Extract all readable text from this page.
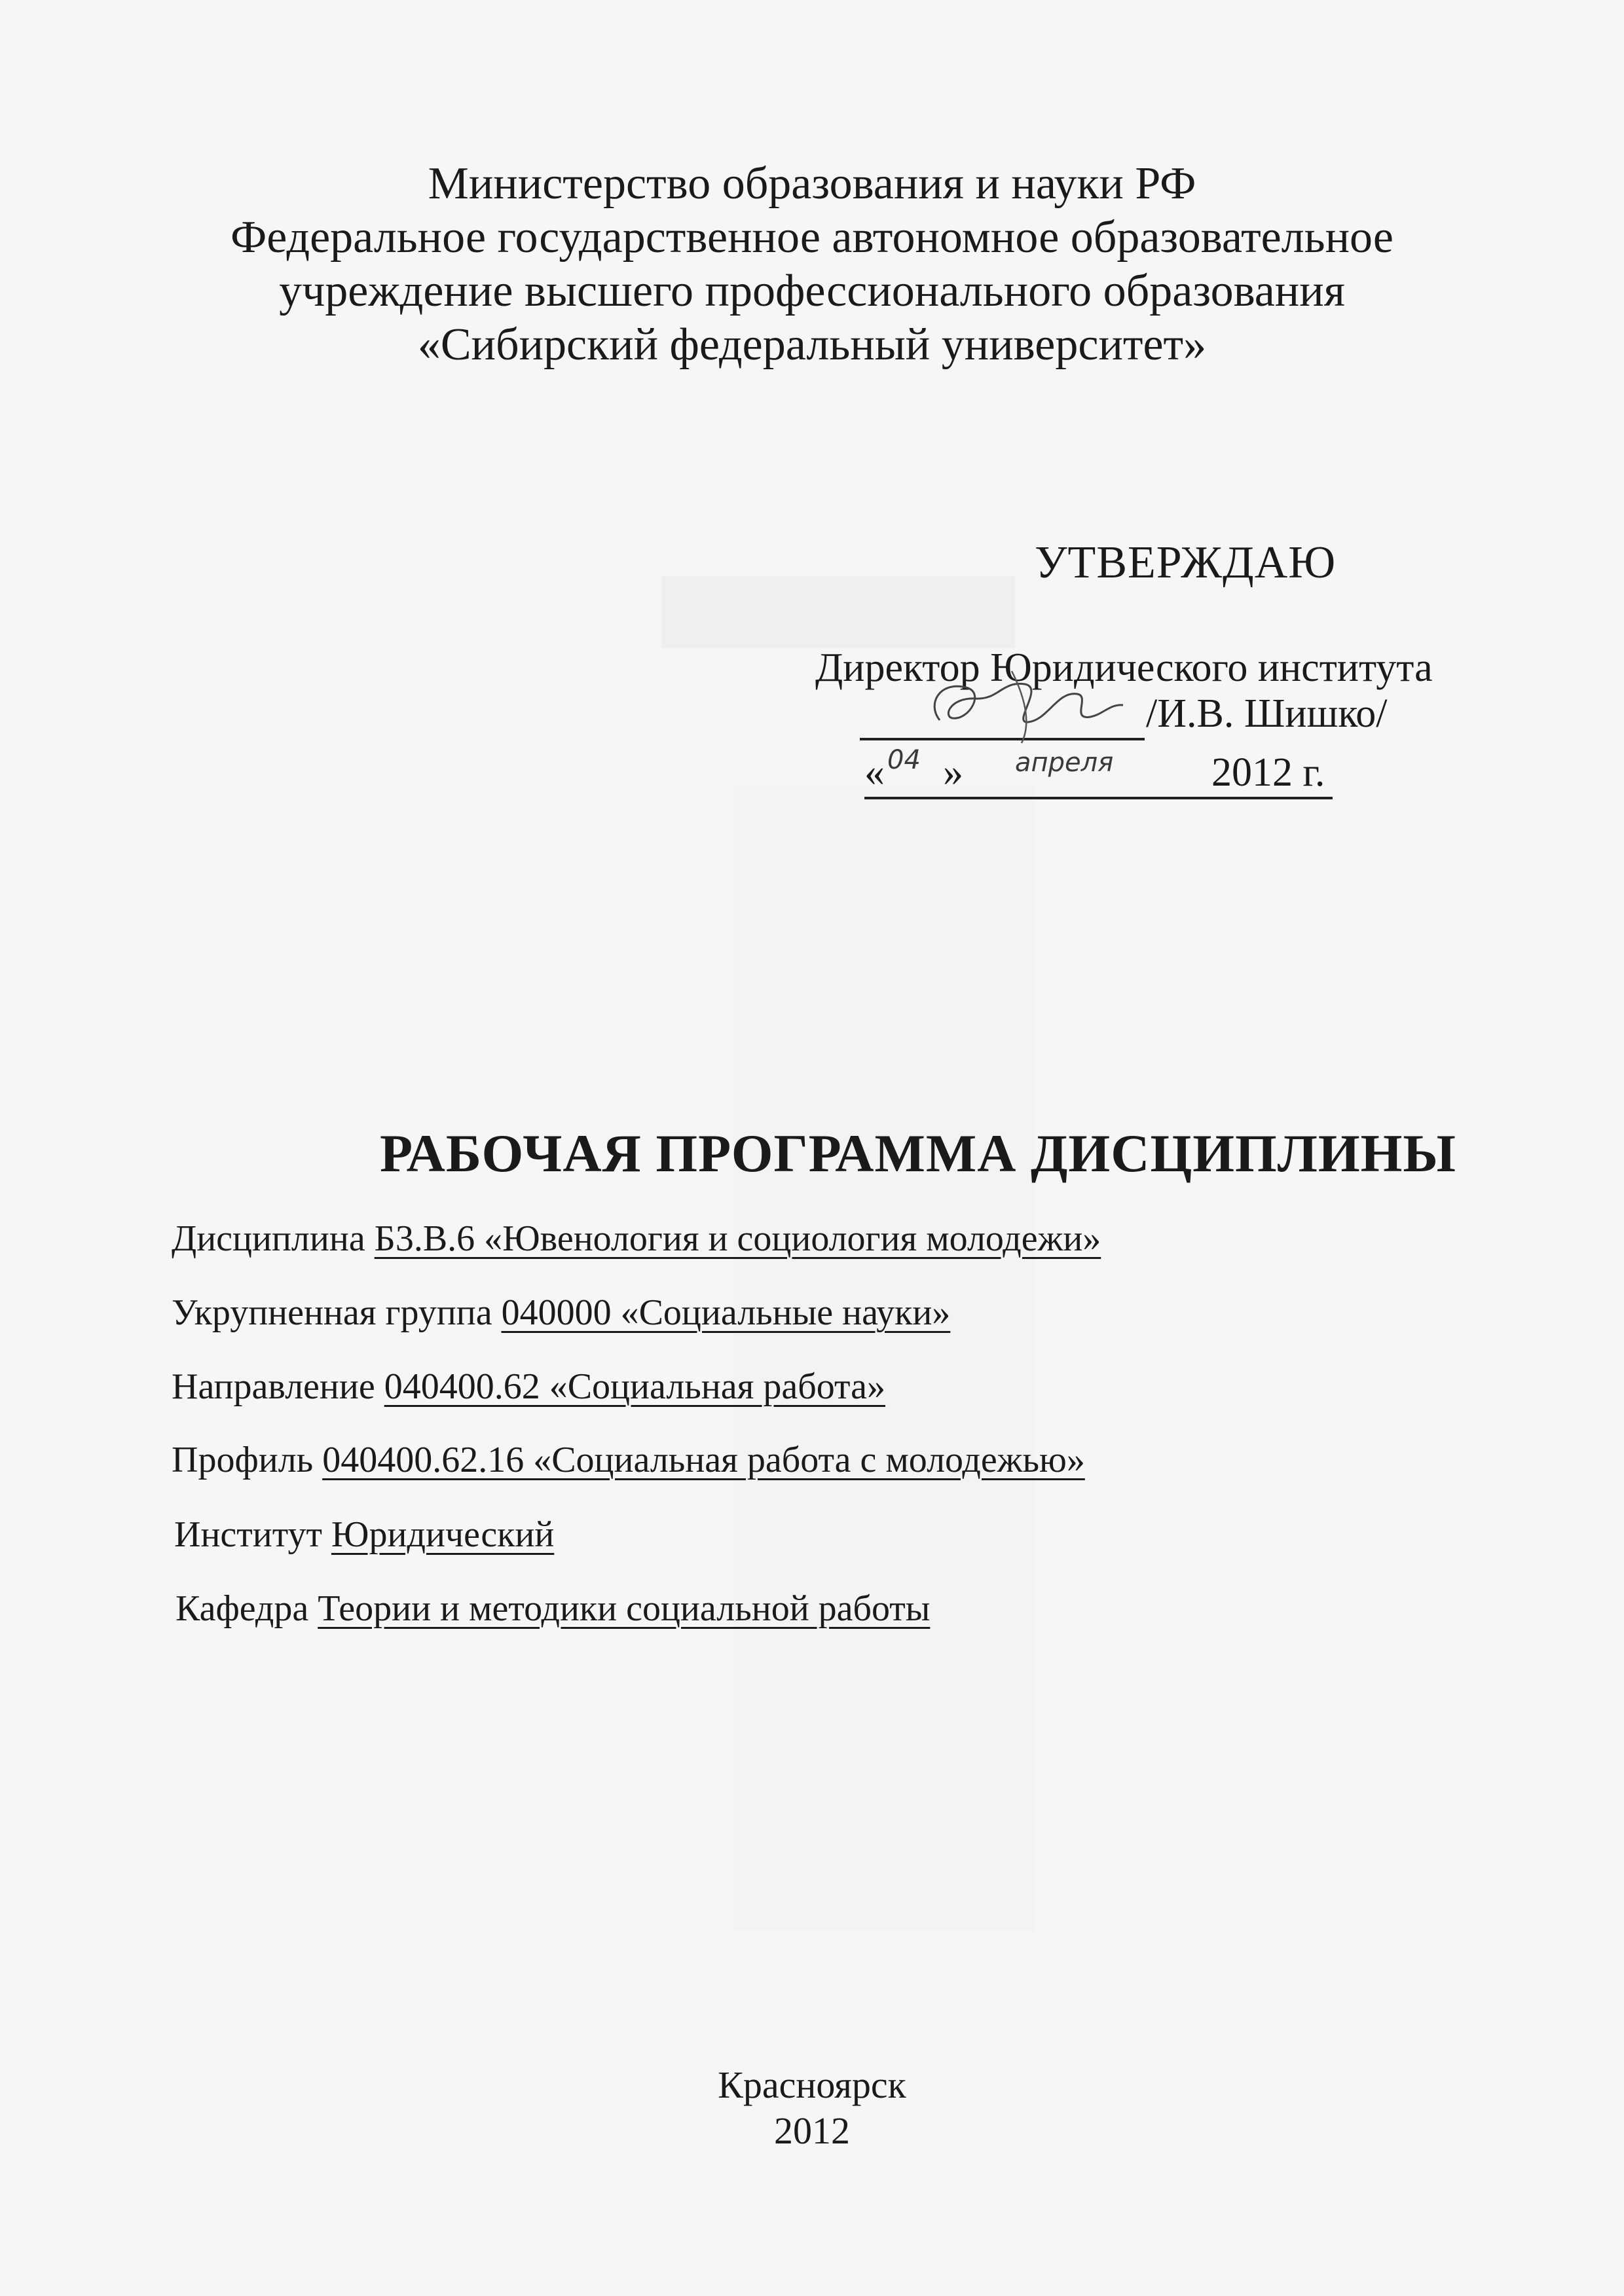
Министерство образования и науки РФ
Федеральное государственное автономное образовательное
учреждение высшего профессионального образования
«Сибирский федеральный университет»
УТВЕРЖДАЮ
Директор Юридического института
/И.В. Шишко/
« 04 » апреля 2012 г.
РАБОЧАЯ ПРОГРАММА ДИСЦИПЛИНЫ
Дисциплина Б3.В.6 «Ювенология и социология молодежи»
Укрупненная группа 040000 «Социальные науки»
Направление 040400.62 «Социальная работа»
Профиль 040400.62.16 «Социальная работа с молодежью»
Институт Юридический
Кафедра Теории и методики социальной работы
Красноярск
2012
